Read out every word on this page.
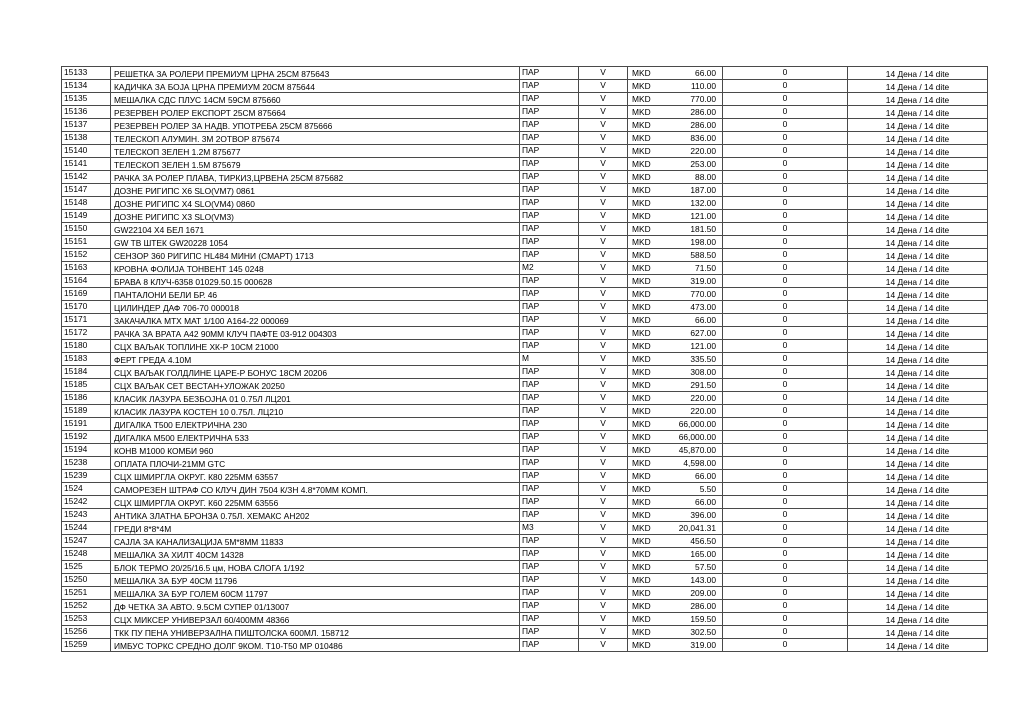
15133	РЕШЕТКА ЗА РОЛЕРИ ПРЕМИУМ ЦРНА 25СМ 875643	ПАР	V	MKD 66.00	0	14 Дена / 14 dite
15134	КАДИЧКА ЗА БОЈА ЦРНА ПРЕМИУМ 20СМ 875644	ПАР	V	MKD 110.00	0	14 Дена / 14 dite
15135	МЕШАЛКА СДС ПЛУС 14СМ 59СМ 875660	ПАР	V	MKD 770.00	0	14 Дена / 14 dite
15136	РЕЗЕРВЕН РОЛЕР ЕКСПОРТ 25СМ 875664	ПАР	V	MKD 286.00	0	14 Дена / 14 dite
15137	РЕЗЕРВЕН РОЛЕР ЗА НАДВ. УПОТРЕБА 25СМ 875666	ПАР	V	MKD 286.00	0	14 Дена / 14 dite
15138	ТЕЛЕСКОП АЛУМИН. 3М 2ОТВОР 875674	ПАР	V	MKD 836.00	0	14 Дена / 14 dite
15140	ТЕЛЕСКОП ЗЕЛЕН 1.2М 875677	ПАР	V	MKD 220.00	0	14 Дена / 14 dite
15141	ТЕЛЕСКОП ЗЕЛЕН 1.5М 875679	ПАР	V	MKD 253.00	0	14 Дена / 14 dite
15142	РАЧКА ЗА РОЛЕР ПЛАВА, ТИРКИЗ,ЦРВЕНА 25СМ 875682	ПАР	V	MKD 88.00	0	14 Дена / 14 dite
15147	ДОЗНЕ РИГИПС X6 SLO(VM7) 0861	ПАР	V	MKD 187.00	0	14 Дена / 14 dite
15148	ДОЗНЕ РИГИПС X4 SLO(VM4) 0860	ПАР	V	MKD 132.00	0	14 Дена / 14 dite
15149	ДОЗНЕ РИГИПС X3 SLO(VM3)	ПАР	V	MKD 121.00	0	14 Дена / 14 dite
15150	GW22104 X4 БЕЛ 1671	ПАР	V	MKD 181.50	0	14 Дена / 14 dite
15151	GW TB ШТЕК GW20228 1054	ПАР	V	MKD 198.00	0	14 Дена / 14 dite
15152	СЕНЗОР 360 РИГИПС HL484 МИНИ (СМАРТ) 1713	ПАР	V	MKD 588.50	0	14 Дена / 14 dite
15163	КРОВНА ФОЛИЈА ТОНВЕНТ 145 0248	М2	V	MKD 71.50	0	14 Дена / 14 dite
15164	БРАВА 8 КЛУЧ-6358 01029.50.15 000628	ПАР	V	MKD 319.00	0	14 Дена / 14 dite
15169	ПАНТАЛОНИ БЕЛИ БР. 46	ПАР	V	MKD 770.00	0	14 Дена / 14 dite
15170	ЦИЛИНДЕР ДАФ 706-70 000018	ПАР	V	MKD 473.00	0	14 Дена / 14 dite
15171	ЗАКАЧАЛКА МТХ МАТ 1/100 А164-22 000069	ПАР	V	MKD 66.00	0	14 Дена / 14 dite
15172	РАЧКА ЗА ВРАТА А42 90ММ КЛУЧ ПАФТЕ 03-912 004303	ПАР	V	MKD 627.00	0	14 Дена / 14 dite
15180	СЦХ ВАЉАК ТОПЛИНЕ ХК-Р 10СМ 21000	ПАР	V	MKD 121.00	0	14 Дена / 14 dite
15183	ФЕРТ ГРЕДА 4.10М	М	V	MKD 335.50	0	14 Дена / 14 dite
15184	СЦХ ВАЉАК ГОЛДЛИНЕ ЦАРЕ-Р БОНУС 18СМ 20206	ПАР	V	MKD 308.00	0	14 Дена / 14 dite
15185	СЦХ ВАЉАК СЕТ ВЕСТАН+УЛОЖАК 20250	ПАР	V	MKD 291.50	0	14 Дена / 14 dite
15186	КЛАСИК ЛАЗУРА БЕЗБОЈНА 01 0.75Л ЛЦ201	ПАР	V	MKD 220.00	0	14 Дена / 14 dite
15189	КЛАСИК ЛАЗУРА КОСТЕН 10 0.75Л. ЛЦ210	ПАР	V	MKD 220.00	0	14 Дена / 14 dite
15191	ДИГАЛКА Т500 ЕЛЕКТРИЧНА 230	ПАР	V	MKD 66,000.00	0	14 Дена / 14 dite
15192	ДИГАЛКА М500 ЕЛЕКТРИЧНА 533	ПАР	V	MKD 66,000.00	0	14 Дена / 14 dite
15194	КОНВ М1000 КОМБИ 960	ПАР	V	MKD 45,870.00	0	14 Дена / 14 dite
15238	ОПЛАТА ПЛОЧИ-21ММ GTC	ПАР	V	MKD 4,598.00	0	14 Дена / 14 dite
15239	СЦХ ШМИРГЛА ОКРУГ. К80 225ММ 63557	ПАР	V	MKD 66.00	0	14 Дена / 14 dite
1524	САМОРЕЗЕН ШТРАФ СО КЛУЧ ДИН 7504 К/ЗН 4.8*70ММ КОМП.	ПАР	V	MKD 5.50	0	14 Дена / 14 dite
15242	СЦХ ШМИРГЛА ОКРУГ. К60 225ММ 63556	ПАР	V	MKD 66.00	0	14 Дена / 14 dite
15243	АНТИКА ЗЛАТНА БРОНЗА 0.75Л. ХЕМАКС АН202	ПАР	V	MKD 396.00	0	14 Дена / 14 dite
15244	ГРЕДИ 8*8*4М	М3	V	MKD 20,041.31	0	14 Дена / 14 dite
15247	САЈЛА ЗА КАНАЛИЗАЦИЈА 5М*8ММ 11833	ПАР	V	MKD 456.50	0	14 Дена / 14 dite
15248	МЕШАЛКА ЗА ХИЛТ 40СМ 14328	ПАР	V	MKD 165.00	0	14 Дена / 14 dite
1525	БЛОК ТЕРМО 20/25/16.5 цм, НОВА СЛОГА 1/192	ПАР	V	MKD 57.50	0	14 Дена / 14 dite
15250	МЕШАЛКА ЗА БУР 40СМ 11796	ПАР	V	MKD 143.00	0	14 Дена / 14 dite
15251	МЕШАЛКА ЗА БУР ГОЛЕМ 60СМ 11797	ПАР	V	MKD 209.00	0	14 Дена / 14 dite
15252	ДФ ЧЕТКА ЗА АВТО. 9.5СМ СУПЕР 01/13007	ПАР	V	MKD 286.00	0	14 Дена / 14 dite
15253	СЦХ МИКСЕР УНИВЕРЗАЛ 60/400ММ 48366	ПАР	V	MKD 159.50	0	14 Дена / 14 dite
15256	ТКК ПУ ПЕНА УНИВЕРЗАЛНА ПИШТОЛСКА 600МЛ. 158712	ПАР	V	MKD 302.50	0	14 Дена / 14 dite
15259	ИМБУС ТОРКС СРЕДНО ДОЛГ 9КОМ. Т10-Т50 МР 010486	ПАР	V	MKD 319.00	0	14 Дена / 14 dite
